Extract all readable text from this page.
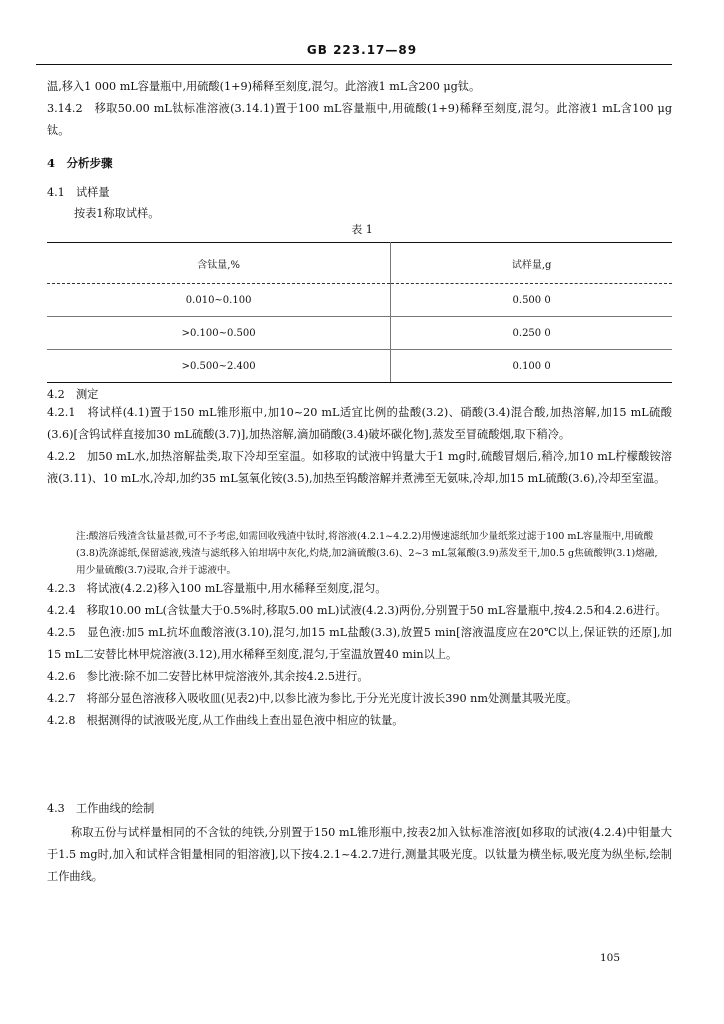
GB 223.17—89

温,移入1 000 mL容量瓶中,用硫酸(1+9)稀释至刻度,混匀。此溶液1 mL含200 μg钛。

3.14.2　移取50.00 mL钛标准溶液(3.14.1)置于100 mL容量瓶中,用硫酸(1+9)稀释至刻度,混匀。此溶液1 mL含100 μg钛。

4　分析步骤
4.1　试样量
按表1称取试样。
表 1
含钛量,%	试样量,g
0.010~0.100	0.500 0
>0.100~0.500	0.250 0
>0.500~2.400	0.100 0
4.2　测定

4.2.1　将试样(4.1)置于150 mL锥形瓶中,加10~20 mL适宜比例的盐酸(3.2)、硝酸(3.4)混合酸,加热溶解,加15 mL硫酸(3.6)[含钨试样直接加30 mL硫酸(3.7)],加热溶解,滴加硝酸(3.4)破坏碳化物],蒸发至冒硫酸烟,取下稍冷。

4.2.2　加50 mL水,加热溶解盐类,取下冷却至室温。如移取的试液中钨量大于1 mg时,硫酸冒烟后,稍冷,加10 mL柠檬酸铵溶液(3.11)、10 mL水,冷却,加约35 mL氢氧化铵(3.5),加热至钨酸溶解并煮沸至无氨味,冷却,加15 mL硫酸(3.6),冷却至室温。

注:酸溶后残渣含钛量甚微,可不予考虑,如需回收残渣中钛时,将溶液(4.2.1~4.2.2)用慢速滤纸加少量纸浆过滤于100 mL容量瓶中,用硫酸(3.8)洗涤滤纸,保留滤液,残渣与滤纸移入铂坩埚中灰化,灼烧,加2滴硫酸(3.6)、2~3 mL氢氟酸(3.9)蒸发至干,加0.5 g焦硫酸钾(3.1)熔融,用少量硫酸(3.7)浸取,合并于滤液中。

4.2.3　将试液(4.2.2)移入100 mL容量瓶中,用水稀释至刻度,混匀。

4.2.4　移取10.00 mL(含钛量大于0.5%时,移取5.00 mL)试液(4.2.3)两份,分别置于50 mL容量瓶中,按4.2.5和4.2.6进行。

4.2.5　显色液:加5 mL抗坏血酸溶液(3.10),混匀,加15 mL盐酸(3.3),放置5 min[溶液温度应在20℃以上,保证铁的还原],加15 mL二安替比林甲烷溶液(3.12),用水稀释至刻度,混匀,于室温放置40 min以上。

4.2.6　参比液:除不加二安替比林甲烷溶液外,其余按4.2.5进行。

4.2.7　将部分显色溶液移入吸收皿(见表2)中,以参比液为参比,于分光光度计波长390 nm处测量其吸光度。

4.2.8　根据测得的试液吸光度,从工作曲线上查出显色液中相应的钛量。

4.3　工作曲线的绘制

称取五份与试样量相同的不含钛的纯铁,分别置于150 mL锥形瓶中,按表2加入钛标准溶液[如移取的试液(4.2.4)中钼量大于1.5 mg时,加入和试样含钼量相同的钼溶液],以下按4.2.1~4.2.7进行,测量其吸光度。以钛量为横坐标,吸光度为纵坐标,绘制工作曲线。

105
